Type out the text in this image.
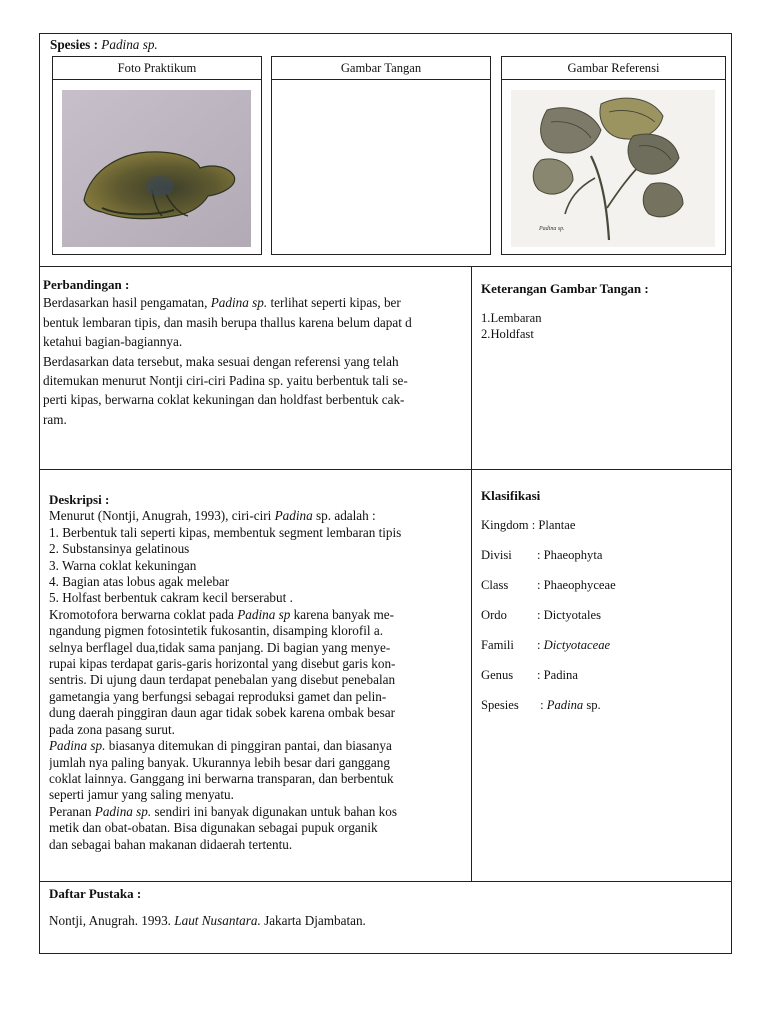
Spesies : Padina sp.
Foto Praktikum	Gambar Tangan	Gambar Referensi
Padina sp.
Perbandingan :
Berdasarkan hasil pengamatan, Padina sp. terlihat seperti kipas, ber
bentuk lembaran tipis, dan masih berupa thallus karena belum dapat d
ketahui bagian-bagiannya.
Berdasarkan data tersebut, maka sesuai dengan referensi yang telah
ditemukan menurut Nontji ciri-ciri Padina sp. yaitu berbentuk tali se-
perti kipas, berwarna coklat kekuningan dan holdfast berbentuk cak-
ram.
Keterangan Gambar Tangan :
1.Lembaran
2.Holdfast
Deskripsi :
Menurut (Nontji, Anugrah, 1993), ciri-ciri Padina sp. adalah :
1. Berbentuk tali seperti kipas, membentuk segment lembaran tipis
2. Substansinya gelatinous
3. Warna coklat kekuningan
4. Bagian atas lobus agak melebar
5. Holfast berbentuk cakram kecil berserabut .
Kromotofora berwarna coklat pada Padina sp karena banyak me-
ngandung pigmen fotosintetik fukosantin, disamping klorofil a.
selnya berflagel dua,tidak sama panjang. Di bagian yang menye-
rupai kipas terdapat garis-garis horizontal yang disebut garis kon-
sentris. Di ujung daun terdapat penebalan yang disebut penebalan
gametangia yang berfungsi sebagai reproduksi gamet dan pelin-
dung daerah pinggiran daun agar tidak sobek karena ombak besar
pada zona pasang surut.
Padina sp. biasanya ditemukan di pinggiran pantai, dan biasanya
jumlah nya paling banyak. Ukurannya lebih besar dari ganggang
coklat lainnya. Ganggang ini berwarna transparan, dan berbentuk
seperti jamur yang saling menyatu.
Peranan Padina sp. sendiri ini banyak digunakan untuk bahan kos
metik dan obat-obatan. Bisa digunakan sebagai pupuk organik
dan sebagai bahan makanan didaerah tertentu.
Klasifikasi
Kingdom : Plantae
Divisi : Phaeophyta
Class : Phaeophyceae
Ordo : Dictyotales
Famili : Dictyotaceae
Genus : Padina
Spesies : Padina sp.
Daftar Pustaka :
Nontji, Anugrah. 1993. Laut Nusantara. Jakarta Djambatan.
